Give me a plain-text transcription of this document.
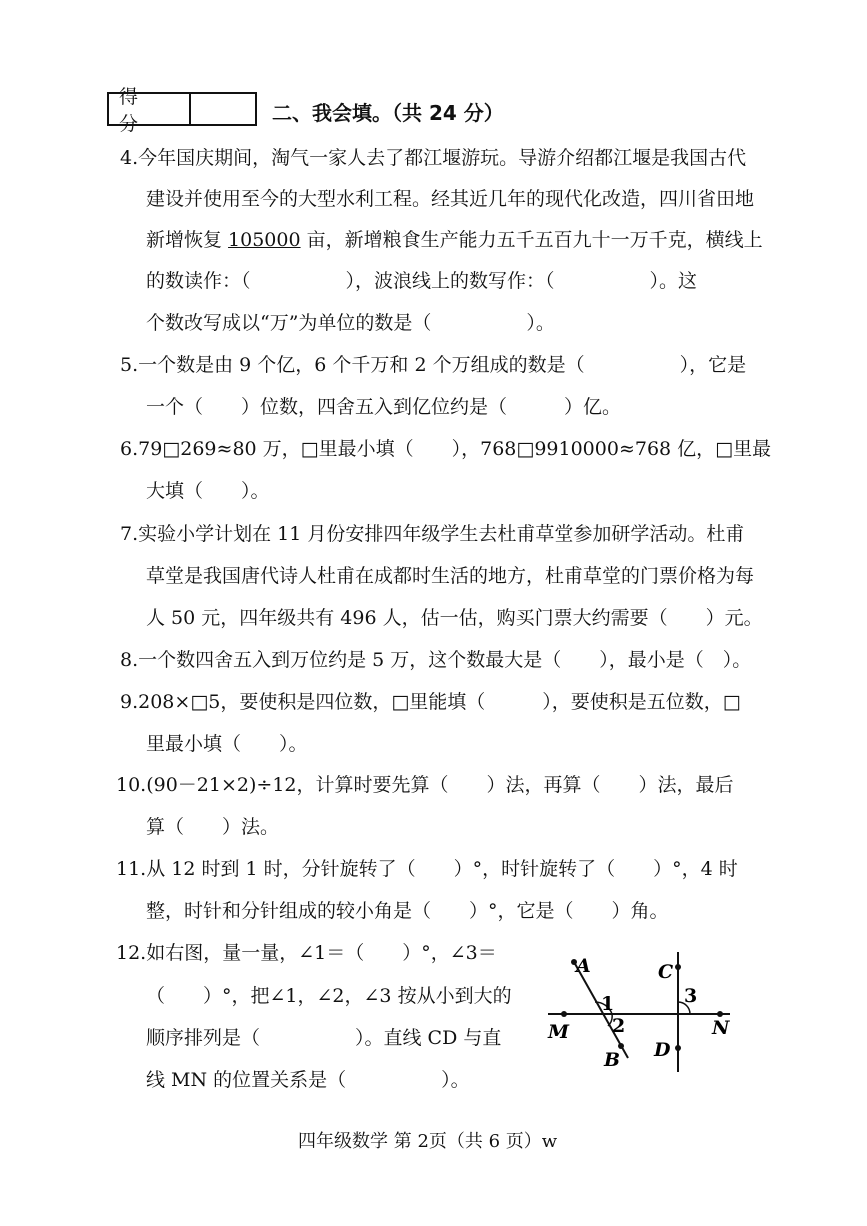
得 分	二、我会填。（共 24 分）
4.今年国庆期间，淘气一家人去了都江堰游玩。导游介绍都江堰是我国古代
建设并使用至今的大型水利工程。经其近几年的现代化改造，四川省田地
新增恢复 105000 亩，新增粮食生产能力五千五百九十一万千克，横线上
的数读作：（　　　　　），波浪线上的数写作：（　　　　　）。这
个数改写成以“万”为单位的数是（　　　　　）。
5.一个数是由 9 个亿，6 个千万和 2 个万组成的数是（　　　　　），它是
一个（　　）位数，四舍五入到亿位约是（　　　）亿。
6.79□269≈80 万，□里最小填（　　），768□9910000≈768 亿，□里最
大填（　　）。
7.实验小学计划在 11 月份安排四年级学生去杜甫草堂参加研学活动。杜甫
草堂是我国唐代诗人杜甫在成都时生活的地方，杜甫草堂的门票价格为每
人 50 元，四年级共有 496 人，估一估，购买门票大约需要（　　）元。
8.一个数四舍五入到万位约是 5 万，这个数最大是（　　），最小是（　）。
9.208×□5，要使积是四位数，□里能填（　　　），要使积是五位数，□
里最小填（　　）。
10.(90－21×2)÷12，计算时要先算（　　）法，再算（　　）法，最后
算（　　）法。
11.从 12 时到 1 时，分针旋转了（　　）°，时针旋转了（　　）°，4 时
整，时针和分针组成的较小角是（　　）°，它是（　　）角。
12.如右图，量一量，∠1＝（　　）°，∠3＝
（　　）°，把∠1，∠2，∠3 按从小到大的
顺序排列是（　　　　　）。直线 CD 与直
线 MN 的位置关系是（　　　　　）。
A
B
C
D
M	N
1
2
3
四年级数学 第 2页（共 6 页）w
